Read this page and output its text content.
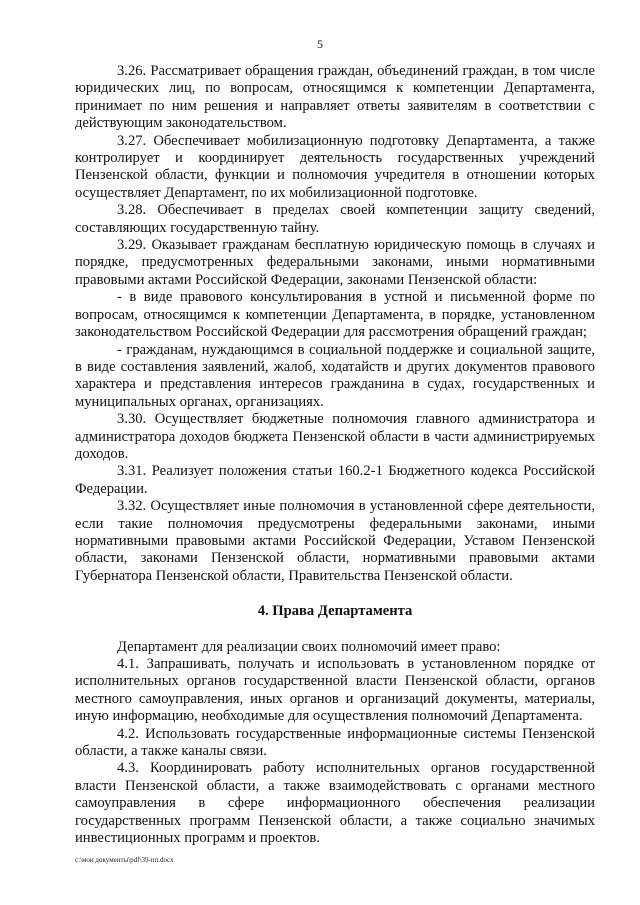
5

3.26. Рассматривает обращения граждан, объединений граждан, в том числе юридических лиц, по вопросам, относящимся к компетенции Департамента, принимает по ним решения и направляет ответы заявителям в соответствии с действующим законодательством.

3.27. Обеспечивает мобилизационную подготовку Департамента, а также контролирует и координирует деятельность государственных учреждений Пензенской области, функции и полномочия учредителя в отношении которых осуществляет Департамент, по их мобилизационной подготовке.

3.28. Обеспечивает в пределах своей компетенции защиту сведений, составляющих государственную тайну.

3.29. Оказывает гражданам бесплатную юридическую помощь в случаях и порядке, предусмотренных федеральными законами, иными нормативными правовыми актами Российской Федерации, законами Пензенской области:

- в виде правового консультирования в устной и письменной форме по вопросам, относящимся к компетенции Департамента, в порядке, установленном законодательством Российской Федерации для рассмотрения обращений граждан;

- гражданам, нуждающимся в социальной поддержке и социальной защите, в виде составления заявлений, жалоб, ходатайств и других документов правового характера и представления интересов гражданина в судах, государственных и муниципальных органах, организациях.

3.30. Осуществляет бюджетные полномочия главного администратора и администратора доходов бюджета Пензенской области в части администрируемых доходов.

3.31. Реализует положения статьи 160.2-1 Бюджетного кодекса Российской Федерации.

3.32. Осуществляет иные полномочия в установленной сфере деятельности, если такие полномочия предусмотрены федеральными законами, иными нормативными правовыми актами Российской Федерации, Уставом Пензенской области, законами Пензенской области, нормативными правовыми актами Губернатора Пензенской области, Правительства Пензенской области.

4. Права Департамента

Департамент для реализации своих полномочий имеет право:

4.1. Запрашивать, получать и использовать в установленном порядке от исполнительных органов государственной власти Пензенской области, органов местного самоуправления, иных органов и организаций документы, материалы, иную информацию, необходимые для осуществления полномочий Департамента.

4.2. Использовать государственные информационные системы Пензенской области, а также каналы связи.

4.3. Координировать работу исполнительных органов государственной власти Пензенской области, а также взаимодействовать с органами местного самоуправления в сфере информационного обеспечения реализации государственных программ Пензенской области, а также социально значимых инвестиционных программ и проектов.

c:\мои документы\pdf\39-пп.docx
